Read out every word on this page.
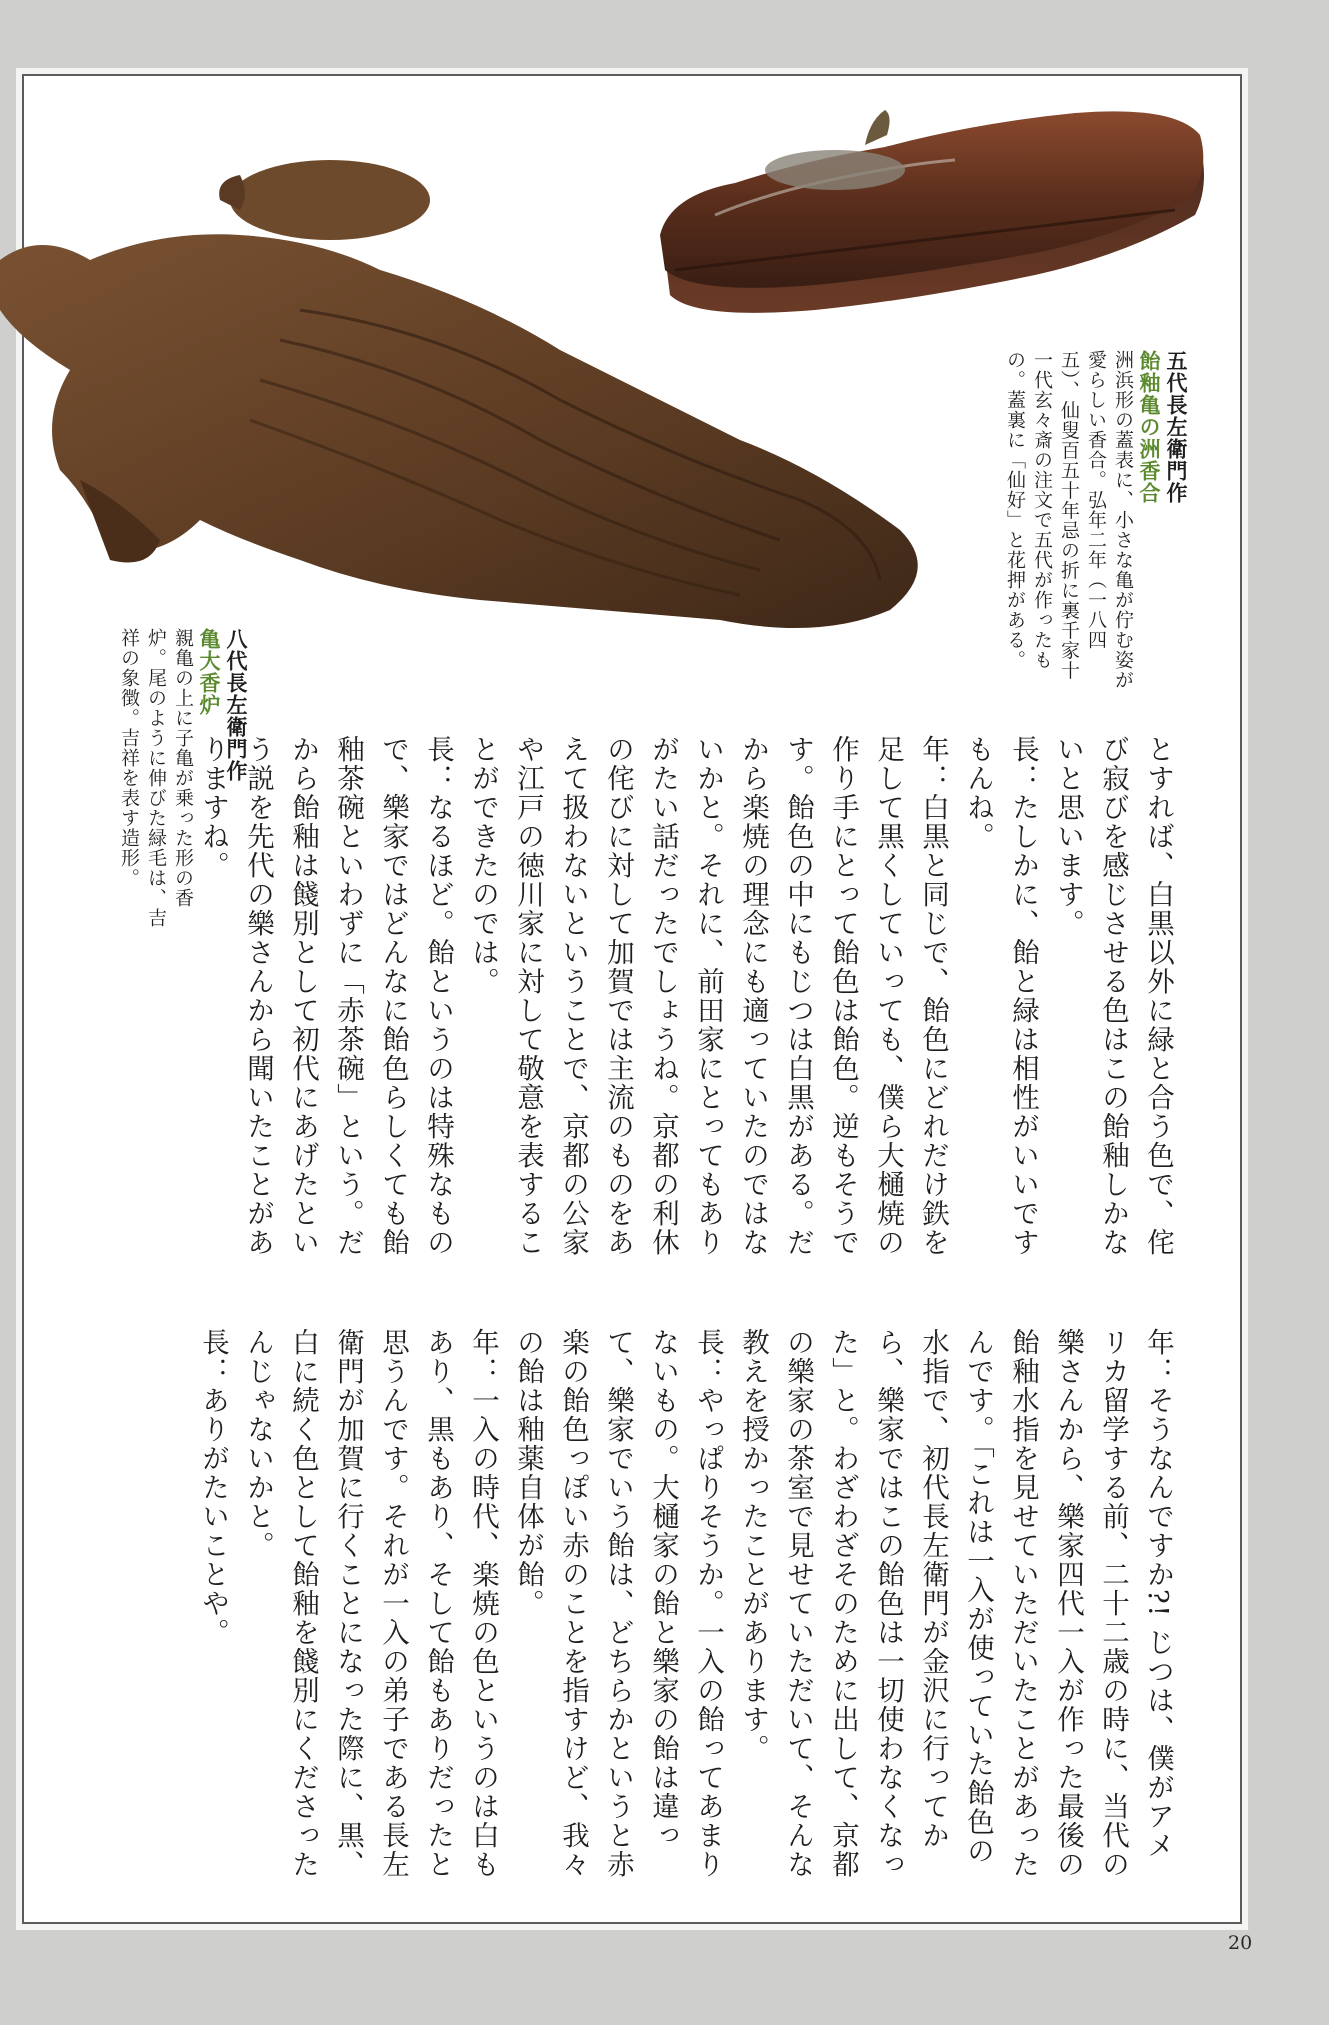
五代長左衛門作

飴釉亀の洲香合

洲浜形の蓋表に、小さな亀が佇む姿が愛らしい香合。弘年二年（一八四五）、仙叟百五十年忌の折に裏千家十一代玄々斎の注文で五代が作ったもの。蓋裏に「仙好」と花押がある。

八代長左衛門作

亀大香炉

親亀の上に子亀が乗った形の香炉。尾のように伸びた緑毛は、吉祥の象徴。吉祥を表す造形。	とすれば、白黒以外に緑と合う色で、侘び寂びを感じさせる色はこの飴釉しかないと思います。

長：たしかに、飴と緑は相性がいいですもんね。

年：白黒と同じで、飴色にどれだけ鉄を足して黒くしていっても、僕ら大樋焼の作り手にとって飴色は飴色。逆もそうです。飴色の中にもじつは白黒がある。だから楽焼の理念にも適っていたのではないかと。それに、前田家にとってもありがたい話だったでしょうね。京都の利休の侘びに対して加賀では主流のものをあえて扱わないということで、京都の公家や江戸の徳川家に対して敬意を表することができたのでは。

長：なるほど。飴というのは特殊なもので、樂家ではどんなに飴色らしくても飴釉茶碗といわずに「赤茶碗」という。だから飴釉は餞別として初代にあげたという説を先代の樂さんから聞いたことがありますね。

年：そうなんですか?! じつは、僕がアメリカ留学する前、二十二歳の時に、当代の樂さんから、樂家四代一入が作った最後の飴釉水指を見せていただいたことがあったんです。「これは一入が使っていた飴色の水指で、初代長左衛門が金沢に行ってから、樂家ではこの飴色は一切使わなくなった」と。わざわざそのために出して、京都の樂家の茶室で見せていただいて、そんな教えを授かったことがあります。

長：やっぱりそうか。一入の飴ってあまりないもの。大樋家の飴と樂家の飴は違って、樂家でいう飴は、どちらかというと赤楽の飴色っぽい赤のことを指すけど、我々の飴は釉薬自体が飴。

年：一入の時代、楽焼の色というのは白もあり、黒もあり、そして飴もありだったと思うんです。それが一入の弟子である長左衛門が加賀に行くことになった際に、黒、白に続く色として飴釉を餞別にくださったんじゃないかと。

長：ありがたいことや。

20
